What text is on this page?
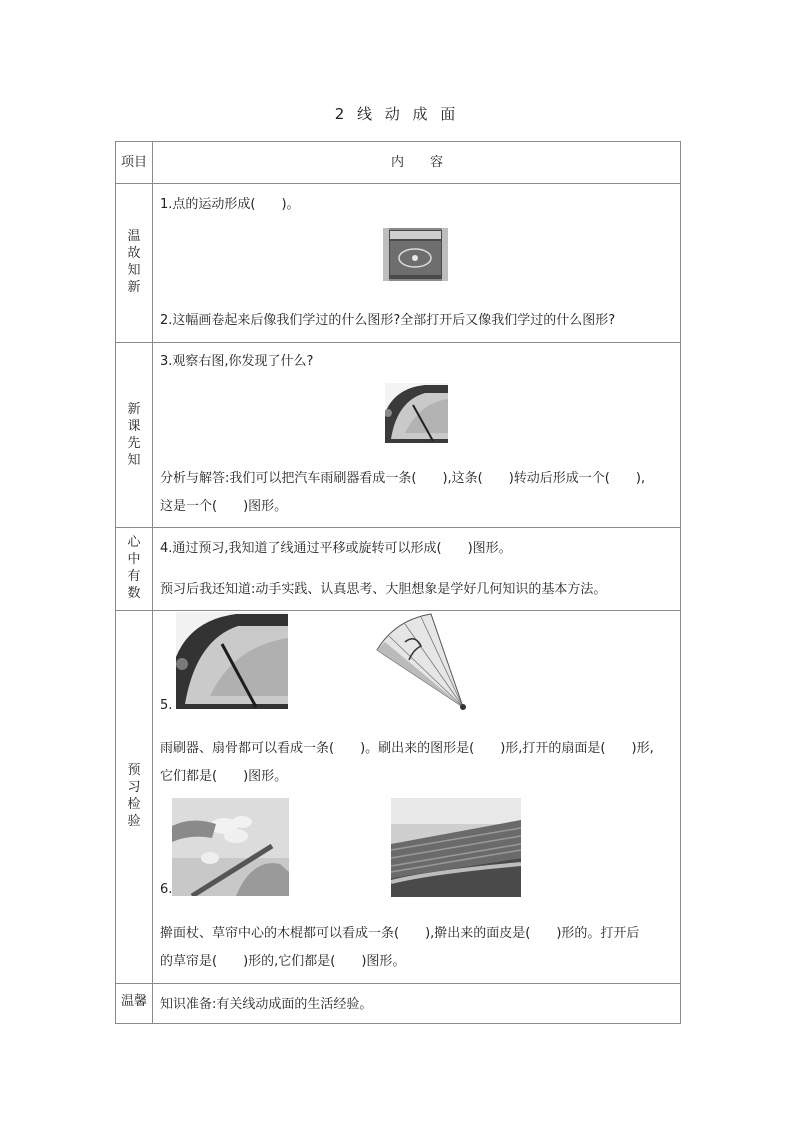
2 线 动 成 面
项目	内　　容
温
故
知
新
1.点的运动形成(　　)。
2.这幅画卷起来后像我们学过的什么图形?全部打开后又像我们学过的什么图形?
新
课
先
知
3.观察右图,你发现了什么?
分析与解答:我们可以把汽车雨刷器看成一条(　　),这条(　　)转动后形成一个(　　),
这是一个(　　)图形。
心
中
有
数
4.通过预习,我知道了线通过平移或旋转可以形成(　　)图形。
预习后我还知道:动手实践、认真思考、大胆想象是学好几何知识的基本方法。
预
习
检
验
5.
雨刷器、扇骨都可以看成一条(　　)。刷出来的图形是(　　)形,打开的扇面是(　　)形,
它们都是(　　)图形。
6.
擀面杖、草帘中心的木棍都可以看成一条(　　),擀出来的面皮是(　　)形的。打开后
的草帘是(　　)形的,它们都是(　　)图形。
温馨	知识准备:有关线动成面的生活经验。
